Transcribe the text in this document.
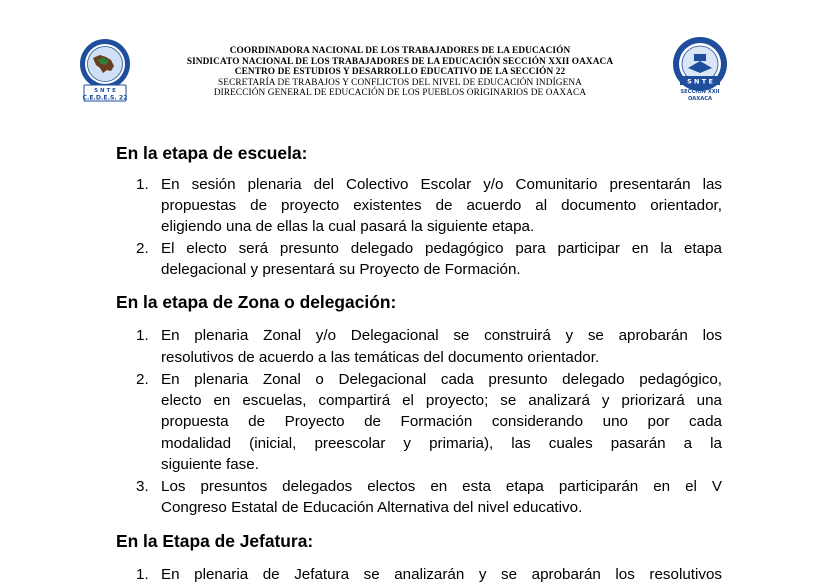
S N T E
C.E.D.E.S. 22
COORDINADORA NACIONAL DE LOS TRABAJADORES DE LA EDUCACIÓN
SINDICATO NACIONAL DE LOS TRABAJADORES DE LA EDUCACIÓN SECCIÓN XXII OAXACA
CENTRO DE ESTUDIOS Y DESARROLLO EDUCATIVO DE LA SECCIÓN 22
SECRETARÍA DE TRABAJOS Y CONFLICTOS DEL NIVEL DE EDUCACIÓN INDÍGENA
DIRECCIÓN GENERAL DE EDUCACIÓN DE LOS PUEBLOS ORIGINARIOS DE OAXACA
S N T E
SECCION XXII
OAXACA
En la etapa de escuela:
1. En sesión plenaria del Colectivo Escolar y/o Comunitario presentarán las
propuestas de proyecto existentes de acuerdo al documento orientador,
eligiendo una de ellas la cual pasará la siguiente etapa.
2. El electo será presunto delegado pedagógico para participar en la etapa
delegacional y presentará su Proyecto de Formación.
En la etapa de Zona o delegación:
1. En plenaria Zonal y/o Delegacional se construirá y se aprobarán los
resolutivos de acuerdo a las temáticas del documento orientador.
2. En plenaria Zonal o Delegacional cada presunto delegado pedagógico,
electo en escuelas, compartirá el proyecto; se analizará y priorizará una
propuesta de Proyecto de Formación considerando uno por cada
modalidad (inicial, preescolar y primaria), las cuales pasarán a la
siguiente fase.
3. Los presuntos delegados electos en esta etapa participarán en el V
Congreso Estatal de Educación Alternativa del nivel educativo.
En la Etapa de Jefatura:
1. En plenaria de Jefatura se analizarán y se aprobarán los resolutivos
